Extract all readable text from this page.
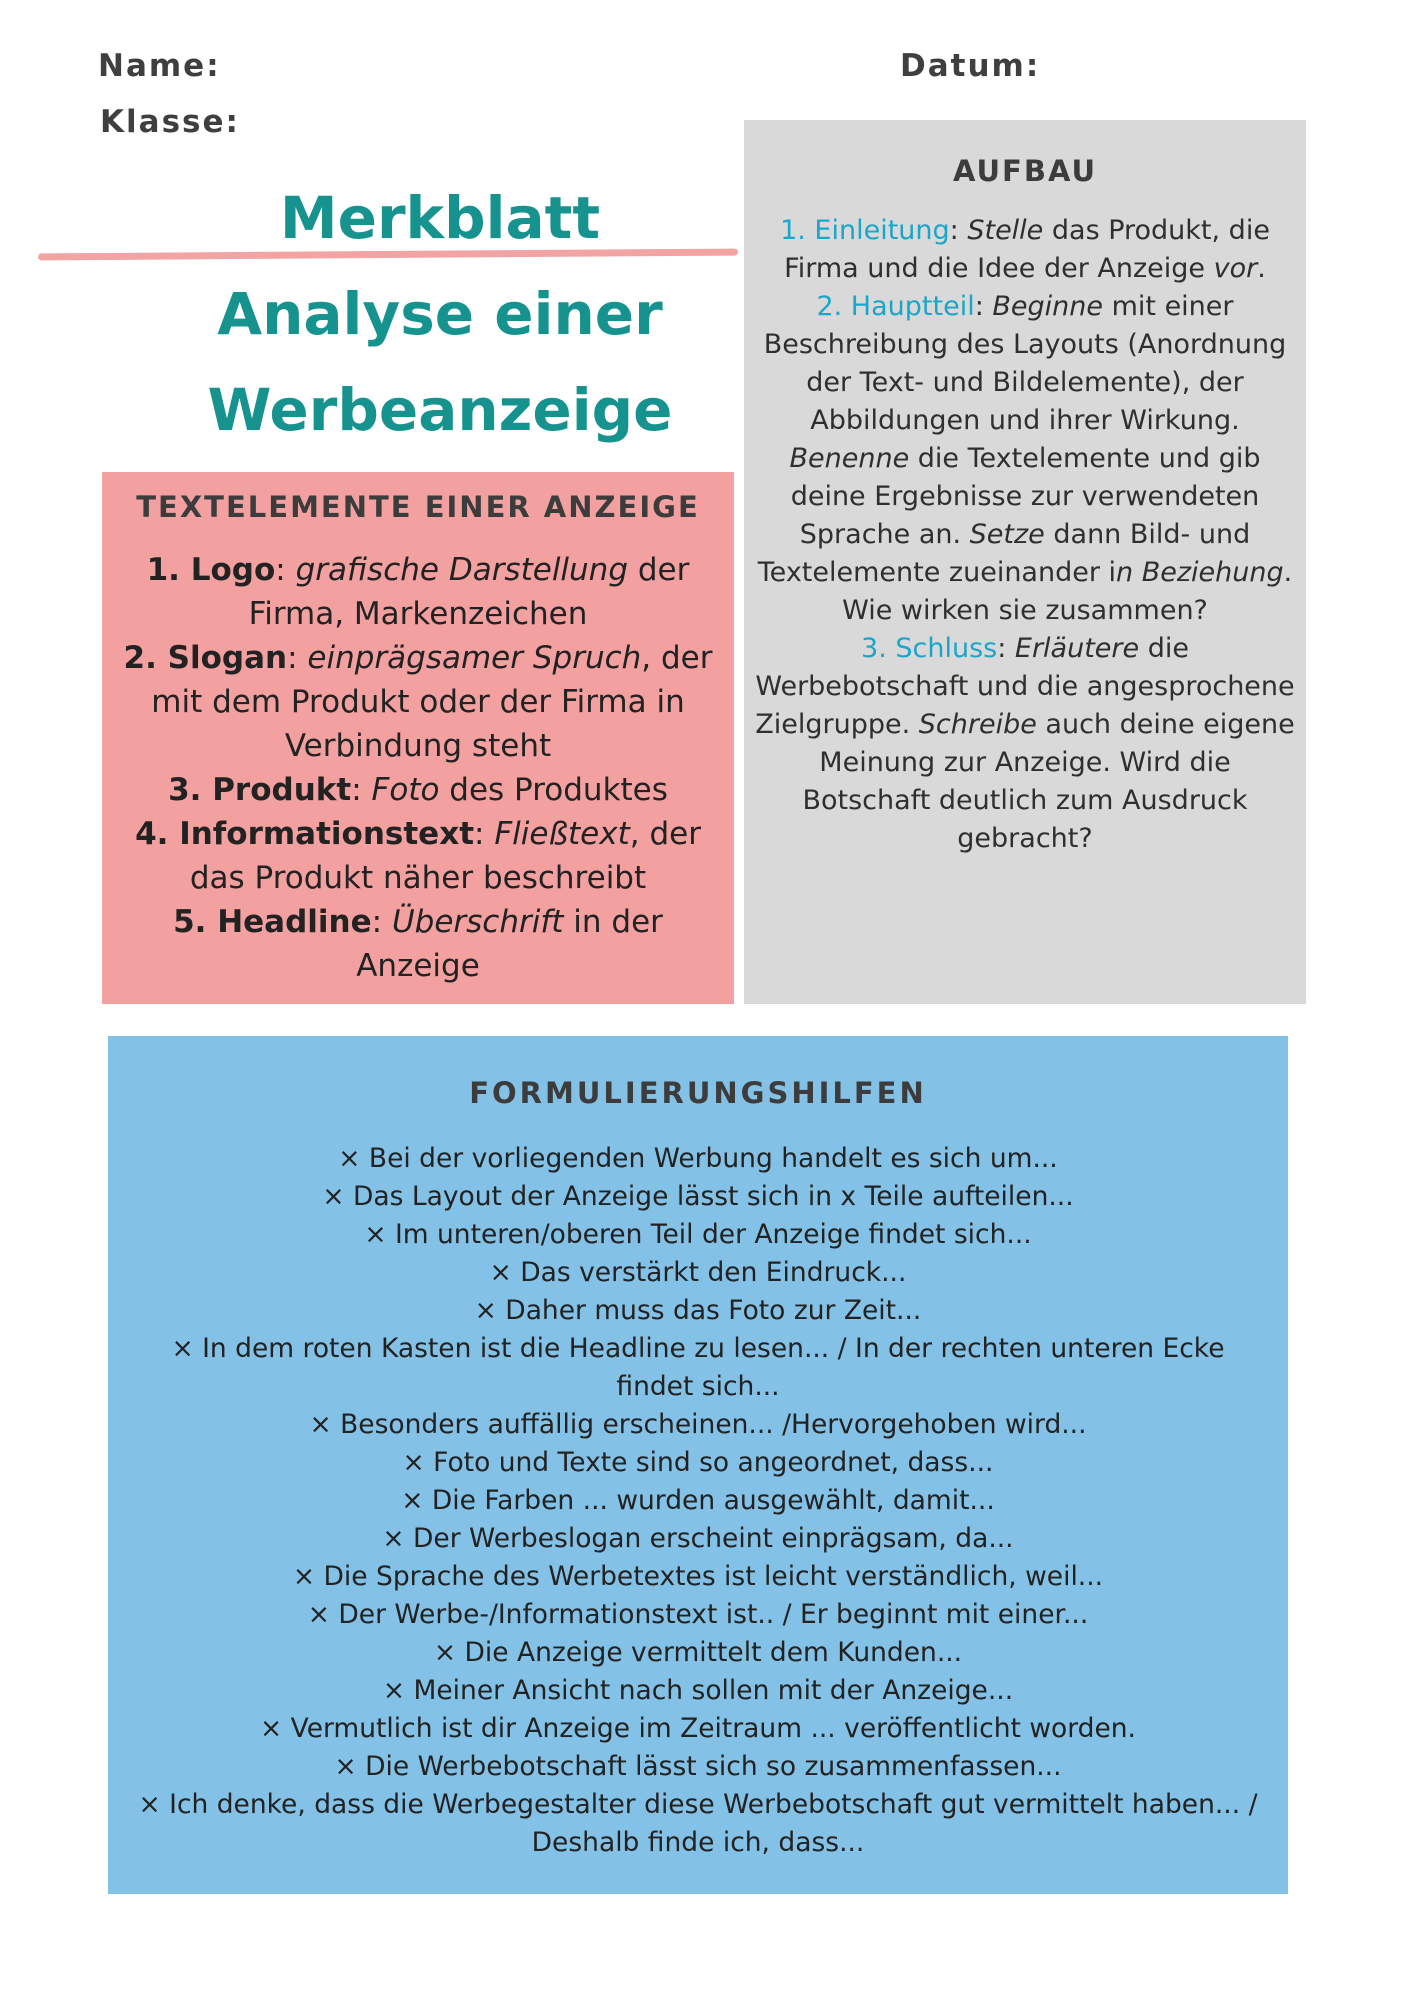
Name:	Datum:
Klasse:
AUFBAU
1. Einleitung: Stelle das Produkt, die Firma und die Idee der Anzeige vor.
2. Hauptteil: Beginne mit einer Beschreibung des Layouts (Anordnung der Text- und Bildelemente), der Abbildungen und ihrer Wirkung.
Benenne die Textelemente und gib deine Ergebnisse zur verwendeten Sprache an. Setze dann Bild- und Textelemente zueinander in Beziehung. Wie wirken sie zusammen?
3. Schluss: Erläutere die Werbebotschaft und die angesprochene Zielgruppe. Schreibe auch deine eigene Meinung zur Anzeige. Wird die Botschaft deutlich zum Ausdruck gebracht?
Merkblatt
Analyse einer
Werbeanzeige
TEXTELEMENTE EINER ANZEIGE
1. Logo: grafische Darstellung der Firma, Markenzeichen
2. Slogan: einprägsamer Spruch, der mit dem Produkt oder der Firma in Verbindung steht
3. Produkt: Foto des Produktes
4. Informationstext: Fließtext, der das Produkt näher beschreibt
5. Headline: Überschrift in der Anzeige
FORMULIERUNGSHILFEN
× Bei der vorliegenden Werbung handelt es sich um...
× Das Layout der Anzeige lässt sich in x Teile aufteilen...
× Im unteren/oberen Teil der Anzeige findet sich...
× Das verstärkt den Eindruck...
× Daher muss das Foto zur Zeit...
× In dem roten Kasten ist die Headline zu lesen... / In der rechten unteren Ecke findet sich...
× Besonders auffällig erscheinen... /Hervorgehoben wird...
× Foto und Texte sind so angeordnet, dass...
× Die Farben ... wurden ausgewählt, damit...
× Der Werbeslogan erscheint einprägsam, da...
× Die Sprache des Werbetextes ist leicht verständlich, weil...
× Der Werbe-/Informationstext ist.. / Er beginnt mit einer...
× Die Anzeige vermittelt dem Kunden...
× Meiner Ansicht nach sollen mit der Anzeige...
× Vermutlich ist dir Anzeige im Zeitraum ... veröffentlicht worden.
× Die Werbebotschaft lässt sich so zusammenfassen...
× Ich denke, dass die Werbegestalter diese Werbebotschaft gut vermittelt haben... / Deshalb finde ich, dass...
